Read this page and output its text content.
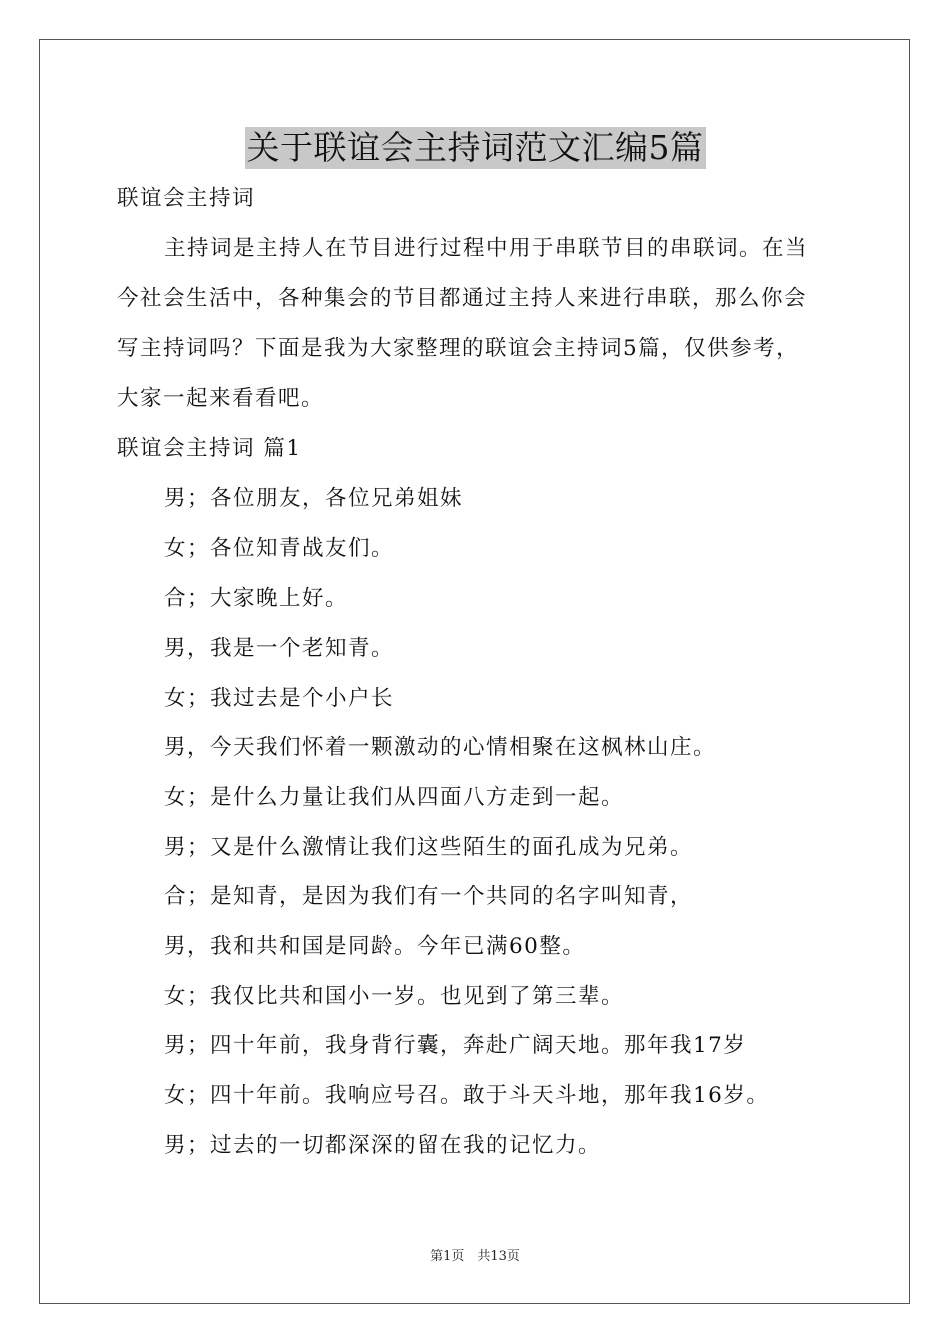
关于联谊会主持词范文汇编5篇
联谊会主持词
主持词是主持人在节目进行过程中用于串联节目的串联词。在当
今社会生活中，各种集会的节目都通过主持人来进行串联，那么你会
写主持词吗？下面是我为大家整理的联谊会主持词5篇，仅供参考，
大家一起来看看吧。
联谊会主持词 篇1
男；各位朋友，各位兄弟姐妹
女；各位知青战友们。
合；大家晚上好。
男，我是一个老知青。
女；我过去是个小户长
男，今天我们怀着一颗激动的心情相聚在这枫林山庄。
女；是什么力量让我们从四面八方走到一起。
男；又是什么激情让我们这些陌生的面孔成为兄弟。
合；是知青，是因为我们有一个共同的名字叫知青，
男，我和共和国是同龄。今年已满60整。
女；我仅比共和国小一岁。也见到了第三辈。
男；四十年前，我身背行囊，奔赴广阔天地。那年我17岁
女；四十年前。我响应号召。敢于斗天斗地，那年我16岁。
男；过去的一切都深深的留在我的记忆力。
第1页　共13页
